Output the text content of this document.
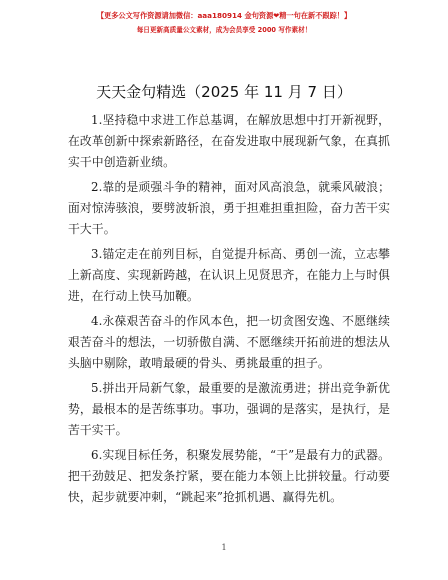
【更多公文写作资源请加微信：aaa180914 金句资源❤精一句在新不跟踪！】
每日更新高质量公文素材，成为会员享受 2000 写作素材！
天天金句精选（2025 年 11 月 7 日）

1.坚持稳中求进工作总基调，在解放思想中打开新视野，在改革创新中探索新路径，在奋发进取中展现新气象，在真抓实干中创造新业绩。

2.靠的是顽强斗争的精神，面对风高浪急，就乘风破浪；面对惊涛骇浪，要劈波斩浪，勇于担难担重担险，奋力苦干实干大干。

3.锚定走在前列目标，自觉提升标高、勇创一流，立志攀上新高度、实现新跨越，在认识上见贤思齐，在能力上与时俱进，在行动上快马加鞭。

4.永葆艰苦奋斗的作风本色，把一切贪图安逸、不愿继续艰苦奋斗的想法，一切骄傲自满、不愿继续开拓前进的想法从头脑中剔除，敢啃最硬的骨头、勇挑最重的担子。

5.拼出开局新气象，最重要的是激流勇进；拼出竞争新优势，最根本的是苦练事功。事功，强调的是落实，是执行，是苦干实干。

6.实现目标任务，积聚发展势能，“干”是最有力的武器。把干劲鼓足、把发条拧紧，要在能力本领上比拼较量。行动要快，起步就要冲刺，“跳起来”抢抓机遇、赢得先机。

1
